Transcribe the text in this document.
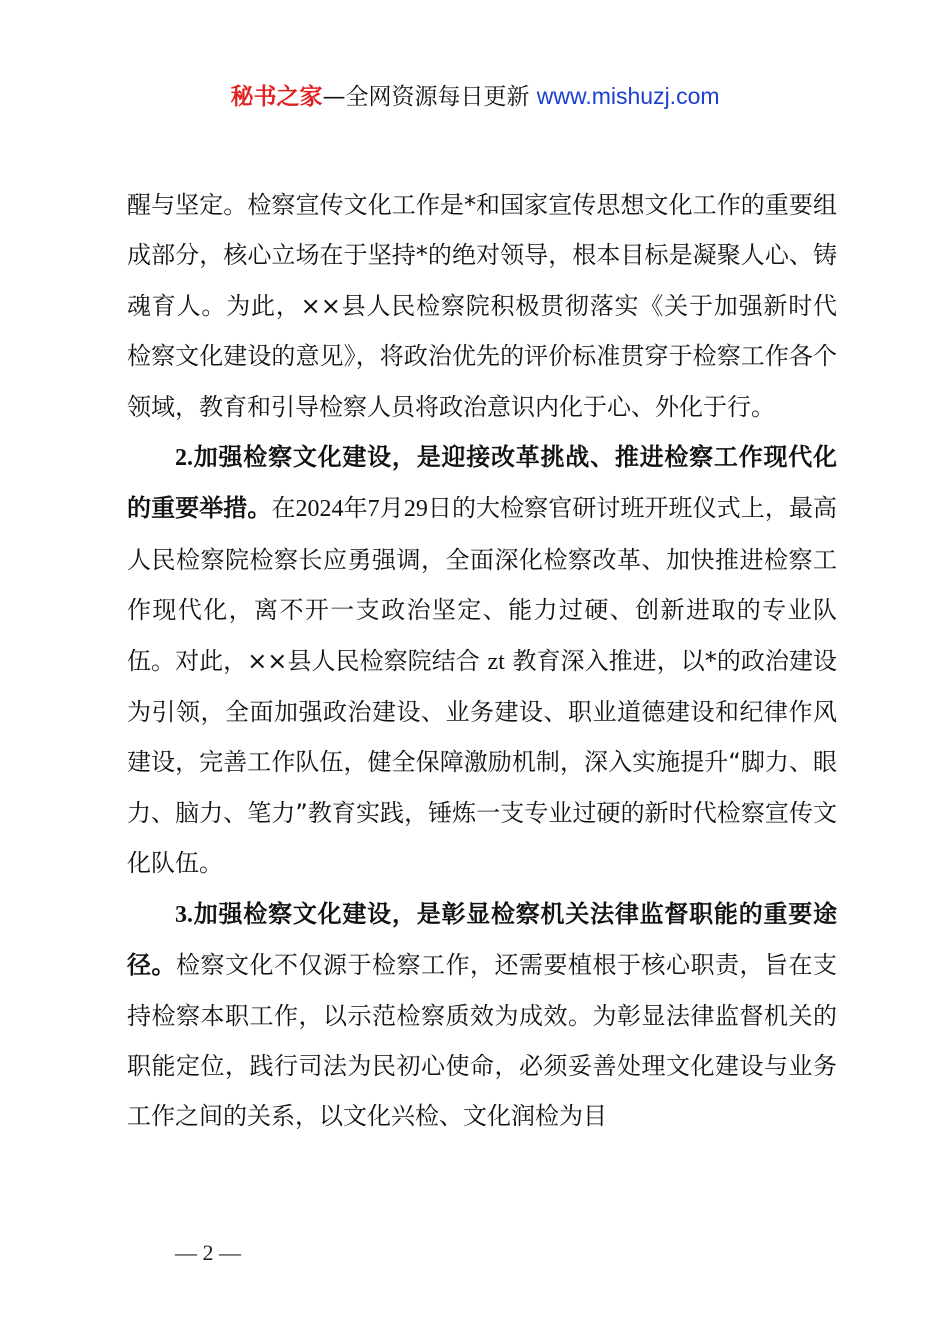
秘书之家—全网资源每日更新 www.mishuzj.com

醒与坚定。检察宣传文化工作是*和国家宣传思想文化工作的重要组成部分，核心立场在于坚持*的绝对领导，根本目标是凝聚人心、铸魂育人。为此，××县人民检察院积极贯彻落实《关于加强新时代检察文化建设的意见》，将政治优先的评价标准贯穿于检察工作各个领域，教育和引导检察人员将政治意识内化于心、外化于行。

2.加强检察文化建设，是迎接改革挑战、推进检察工作现代化的重要举措。在2024年7月29日的大检察官研讨班开班仪式上，最高人民检察院检察长应勇强调，全面深化检察改革、加快推进检察工作现代化，离不开一支政治坚定、能力过硬、创新进取的专业队伍。对此，××县人民检察院结合 zt 教育深入推进，以*的政治建设为引领，全面加强政治建设、业务建设、职业道德建设和纪律作风建设，完善工作队伍，健全保障激励机制，深入实施提升“脚力、眼力、脑力、笔力”教育实践，锤炼一支专业过硬的新时代检察宣传文化队伍。

3.加强检察文化建设，是彰显检察机关法律监督职能的重要途径。检察文化不仅源于检察工作，还需要植根于核心职责，旨在支持检察本职工作，以示范检察质效为成效。为彰显法律监督机关的职能定位，践行司法为民初心使命，必须妥善处理文化建设与业务工作之间的关系，以文化兴检、文化润检为目

— 2 —
